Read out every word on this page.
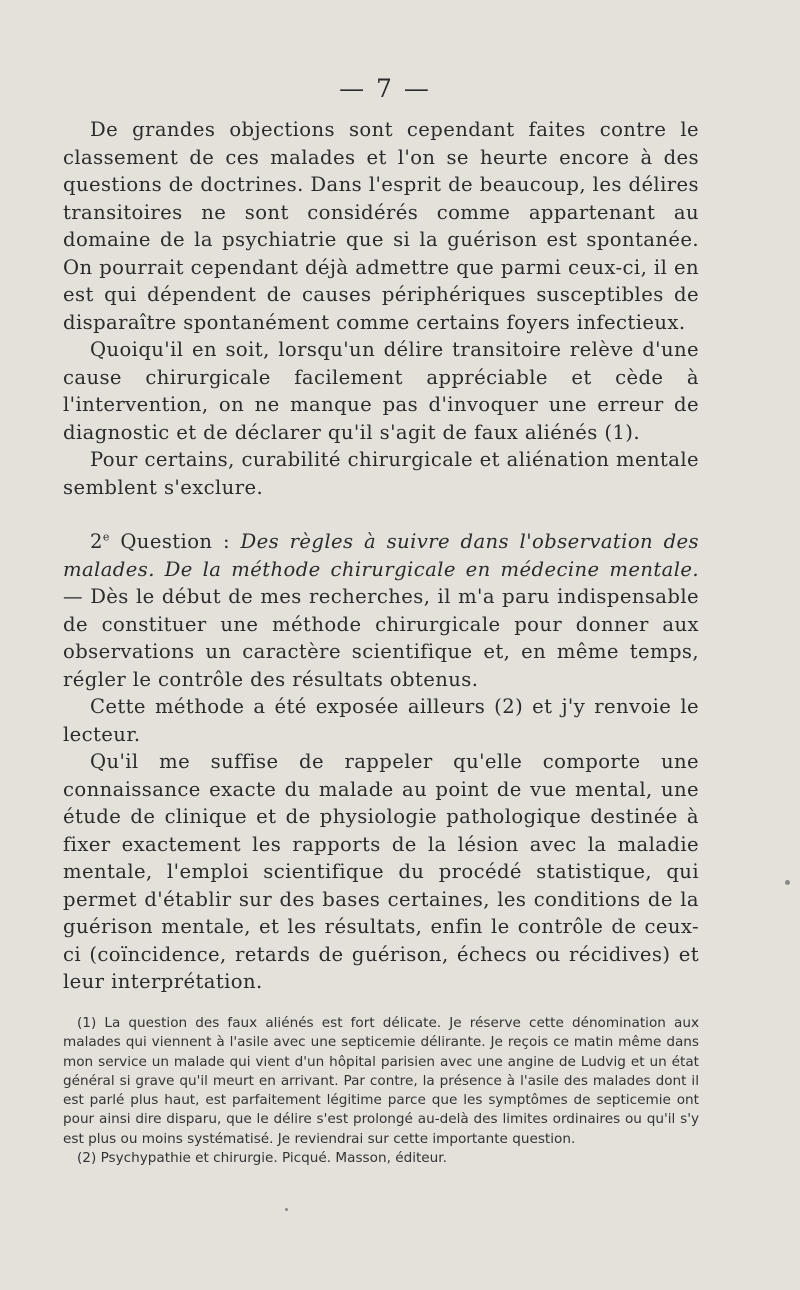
— 7 —

De grandes objections sont cependant faites contre le classement de ces malades et l'on se heurte encore à des questions de doctrines. Dans l'esprit de beaucoup, les délires transitoires ne sont considérés comme appartenant au domaine de la psychiatrie que si la guérison est spontanée. On pourrait cependant déjà admettre que parmi ceux-ci, il en est qui dépendent de causes périphériques susceptibles de disparaître spontanément comme certains foyers infectieux.

Quoiqu'il en soit, lorsqu'un délire transitoire relève d'une cause chirurgicale facilement appréciable et cède à l'intervention, on ne manque pas d'invoquer une erreur de diagnostic et de déclarer qu'il s'agit de faux aliénés (1).

Pour certains, curabilité chirurgicale et aliénation mentale semblent s'exclure.

2e Question : Des règles à suivre dans l'observation des malades. De la méthode chirurgicale en médecine mentale. — Dès le début de mes recherches, il m'a paru indispensable de constituer une méthode chirurgicale pour donner aux observations un caractère scientifique et, en même temps, régler le contrôle des résultats obtenus.

Cette méthode a été exposée ailleurs (2) et j'y renvoie le lecteur.

Qu'il me suffise de rappeler qu'elle comporte une connaissance exacte du malade au point de vue mental, une étude de clinique et de physiologie pathologique destinée à fixer exactement les rapports de la lésion avec la maladie mentale, l'emploi scientifique du procédé statistique, qui permet d'établir sur des bases certaines, les conditions de la guérison mentale, et les résultats, enfin le contrôle de ceux-ci (coïncidence, retards de guérison, échecs ou récidives) et leur interprétation.

(1) La question des faux aliénés est fort délicate. Je réserve cette dénomination aux malades qui viennent à l'asile avec une septicemie délirante. Je reçois ce matin même dans mon service un malade qui vient d'un hôpital parisien avec une angine de Ludvig et un état général si grave qu'il meurt en arrivant. Par contre, la présence à l'asile des malades dont il est parlé plus haut, est parfaitement légitime parce que les symptômes de septicemie ont pour ainsi dire disparu, que le délire s'est prolongé au-delà des limites ordinaires ou qu'il s'y est plus ou moins systématisé. Je reviendrai sur cette importante question.

(2) Psychypathie et chirurgie. Picqué. Masson, éditeur.
